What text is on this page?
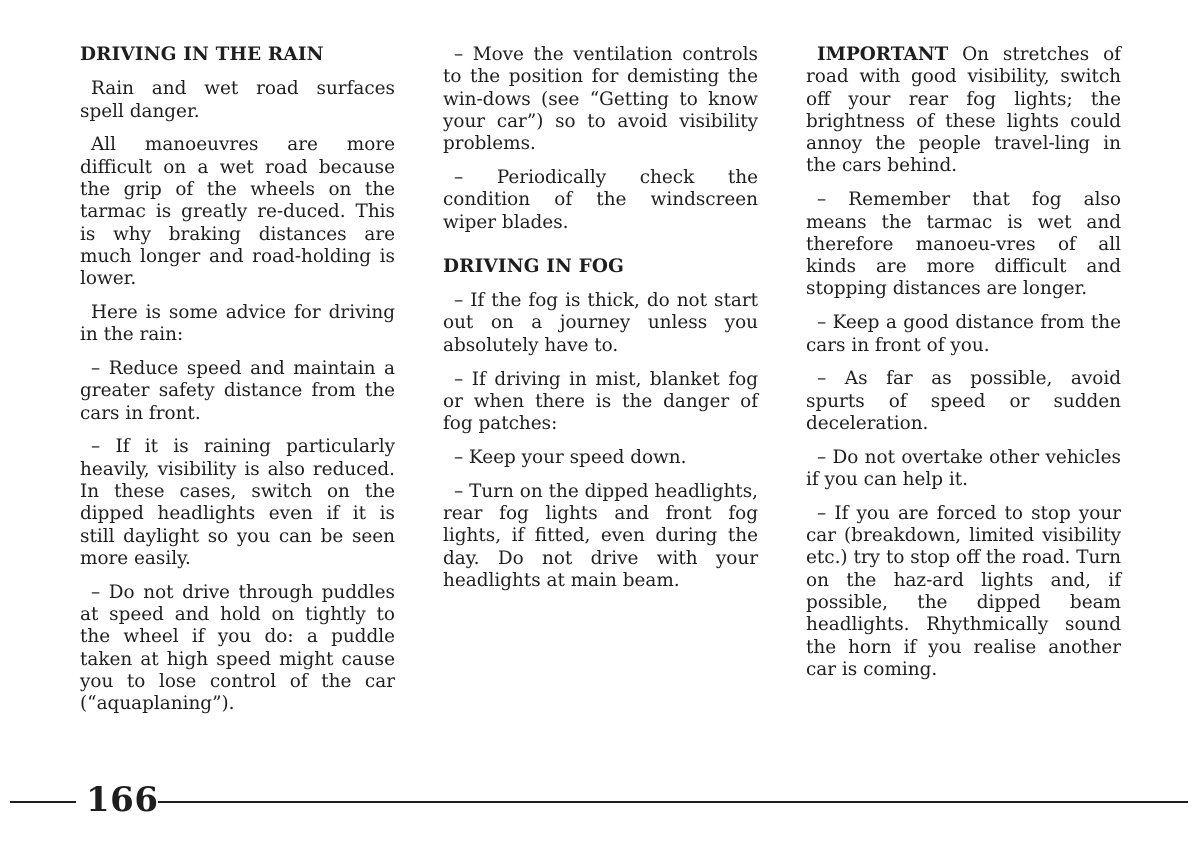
DRIVING IN THE RAIN

Rain and wet road surfaces spell danger.

All manoeuvres are more difficult on a wet road because the grip of the wheels on the tarmac is greatly re-duced. This is why braking distances are much longer and road-holding is lower.

Here is some advice for driving in the rain:

– Reduce speed and maintain a greater safety distance from the cars in front.

– If it is raining particularly heavily, visibility is also reduced. In these cases, switch on the dipped headlights even if it is still daylight so you can be seen more easily.

– Do not drive through puddles at speed and hold on tightly to the wheel if you do: a puddle taken at high speed might cause you to lose control of the car (“aquaplaning”).

– Move the ventilation controls to the position for demisting the win-dows (see “Getting to know your car”) so to avoid visibility problems.

– Periodically check the condition of the windscreen wiper blades.

DRIVING IN FOG

– If the fog is thick, do not start out on a journey unless you absolutely have to.

– If driving in mist, blanket fog or when there is the danger of fog patches:

– Keep your speed down.

– Turn on the dipped headlights, rear fog lights and front fog lights, if fitted, even during the day. Do not drive with your headlights at main beam.

IMPORTANT On stretches of road with good visibility, switch off your rear fog lights; the brightness of these lights could annoy the people travel-ling in the cars behind.

– Remember that fog also means the tarmac is wet and therefore manoeu-vres of all kinds are more difficult and stopping distances are longer.

– Keep a good distance from the cars in front of you.

– As far as possible, avoid spurts of speed or sudden deceleration.

– Do not overtake other vehicles if you can help it.

– If you are forced to stop your car (breakdown, limited visibility etc.) try to stop off the road. Turn on the haz-ard lights and, if possible, the dipped beam headlights. Rhythmically sound the horn if you realise another car is coming.

166
